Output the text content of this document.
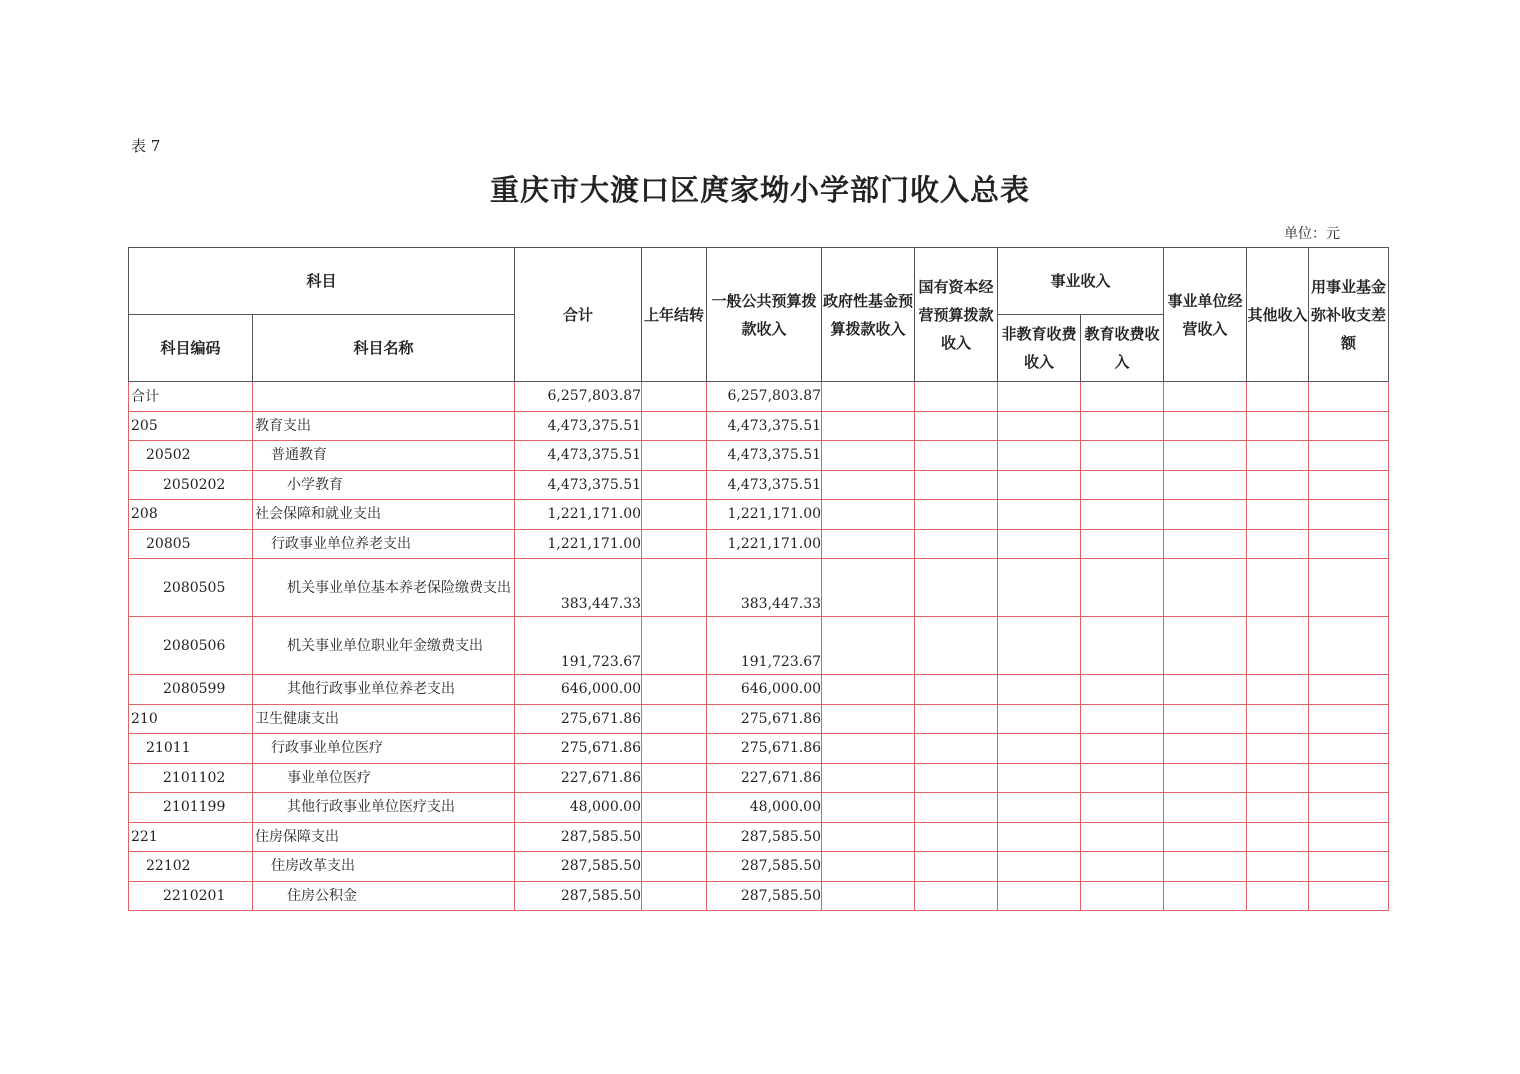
表 7
重庆市大渡口区庹家坳小学部门收入总表
单位：元
科目		合计	上年结转	一般公共预算拨款收入	政府性基金预算拨款收入	国有资本经营预算拨款收入	事业收入		事业单位经营收入	其他收入	用事业基金弥补收支差额
科目编码	科目名称						非教育收费收入	教育收费收入			
合计		6,257,803.87		6,257,803.87							
205	教育支出	4,473,375.51		4,473,375.51							
20502	普通教育	4,473,375.51		4,473,375.51							
2050202	小学教育	4,473,375.51		4,473,375.51							
208	社会保障和就业支出	1,221,171.00		1,221,171.00							
20805	行政事业单位养老支出	1,221,171.00		1,221,171.00							
2080505	机关事业单位基本养老保险缴费支出	383,447.33		383,447.33							
2080506	机关事业单位职业年金缴费支出	191,723.67		191,723.67							
2080599	其他行政事业单位养老支出	646,000.00		646,000.00							
210	卫生健康支出	275,671.86		275,671.86							
21011	行政事业单位医疗	275,671.86		275,671.86							
2101102	事业单位医疗	227,671.86		227,671.86							
2101199	其他行政事业单位医疗支出	48,000.00		48,000.00							
221	住房保障支出	287,585.50		287,585.50							
22102	住房改革支出	287,585.50		287,585.50							
2210201	住房公积金	287,585.50		287,585.50							
